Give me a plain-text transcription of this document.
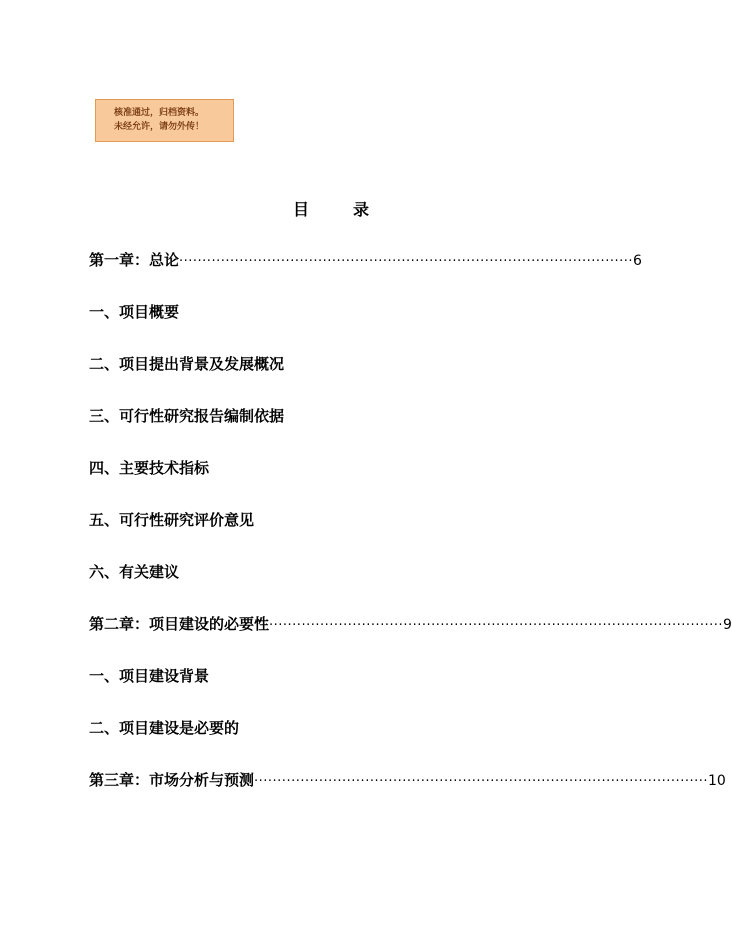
核准通过，归档资料。
未经允许，请勿外传！
目录
第一章：总论 ·································································································· 6
一、项目概要
二、项目提出背景及发展概况
三、可行性研究报告编制依据
四、主要技术指标
五、可行性研究评价意见
六、有关建议
第二章：项目建设的必要性 ·································································································· 9
一、项目建设背景
二、项目建设是必要的
第三章：市场分析与预测 ·································································································· 10
